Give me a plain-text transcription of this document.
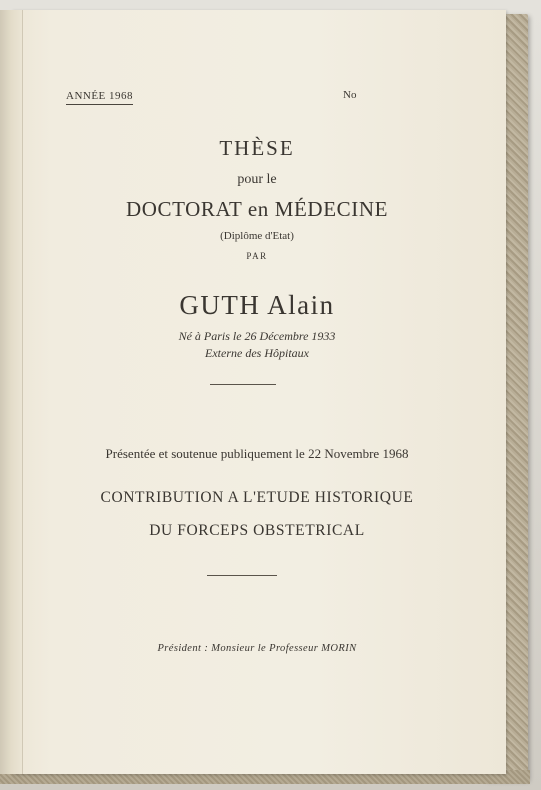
ANNÉE 1968	No
THÈSE
pour le
DOCTORAT en MÉDECINE
(Diplôme d'Etat)
PAR
GUTH Alain
Né à Paris le 26 Décembre 1933
Externe des Hôpitaux
Présentée et soutenue publiquement le 22 Novembre 1968
CONTRIBUTION A L'ETUDE HISTORIQUE
DU FORCEPS OBSTETRICAL
Président : Monsieur le Professeur MORIN
